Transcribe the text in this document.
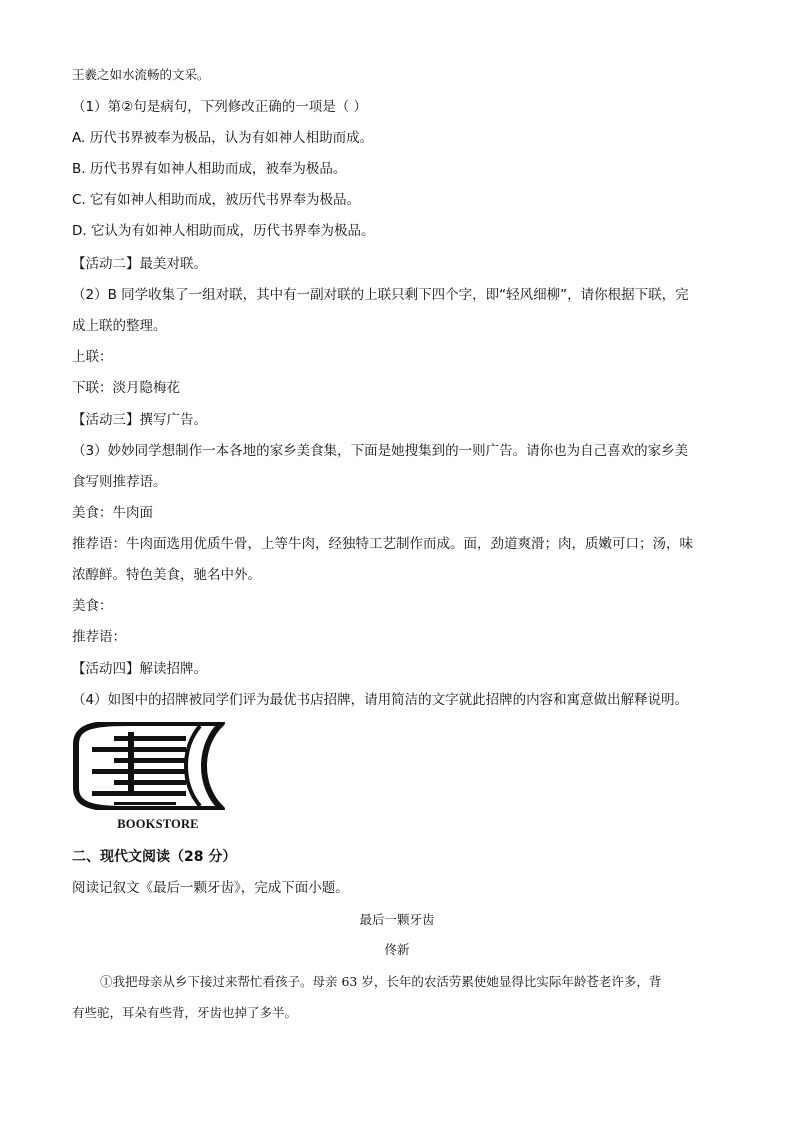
王羲之如水流畅的文采。
（1）第②句是病句，下列修改正确的一项是（ ）
A. 历代书界被奉为极品，认为有如神人相助而成。
B. 历代书界有如神人相助而成，被奉为极品。
C. 它有如神人相助而成，被历代书界奉为极品。
D. 它认为有如神人相助而成，历代书界奉为极品。
【活动二】最美对联。
（2）B 同学收集了一组对联，其中有一副对联的上联只剩下四个字，即“轻风细柳”，请你根据下联，完
成上联的整理。
上联：
下联：淡月隐梅花
【活动三】撰写广告。
（3）妙妙同学想制作一本各地的家乡美食集，下面是她搜集到的一则广告。请你也为自己喜欢的家乡美
食写则推荐语。
美食：牛肉面
推荐语：牛肉面选用优质牛骨，上等牛肉，经独特工艺制作而成。面，劲道爽滑；肉，质嫩可口；汤，味
浓醇鲜。特色美食，驰名中外。
美食：
推荐语：
【活动四】解读招牌。
（4）如图中的招牌被同学们评为最优书店招牌，请用简洁的文字就此招牌的内容和寓意做出解释说明。
BOOKSTORE
二、现代文阅读（28 分）
阅读记叙文《最后一颗牙齿》，完成下面小题。
最后一颗牙齿
佟新
①我把母亲从乡下接过来帮忙看孩子。母亲 63 岁，长年的农活劳累使她显得比实际年龄苍老许多，背
有些驼，耳朵有些背，牙齿也掉了多半。
